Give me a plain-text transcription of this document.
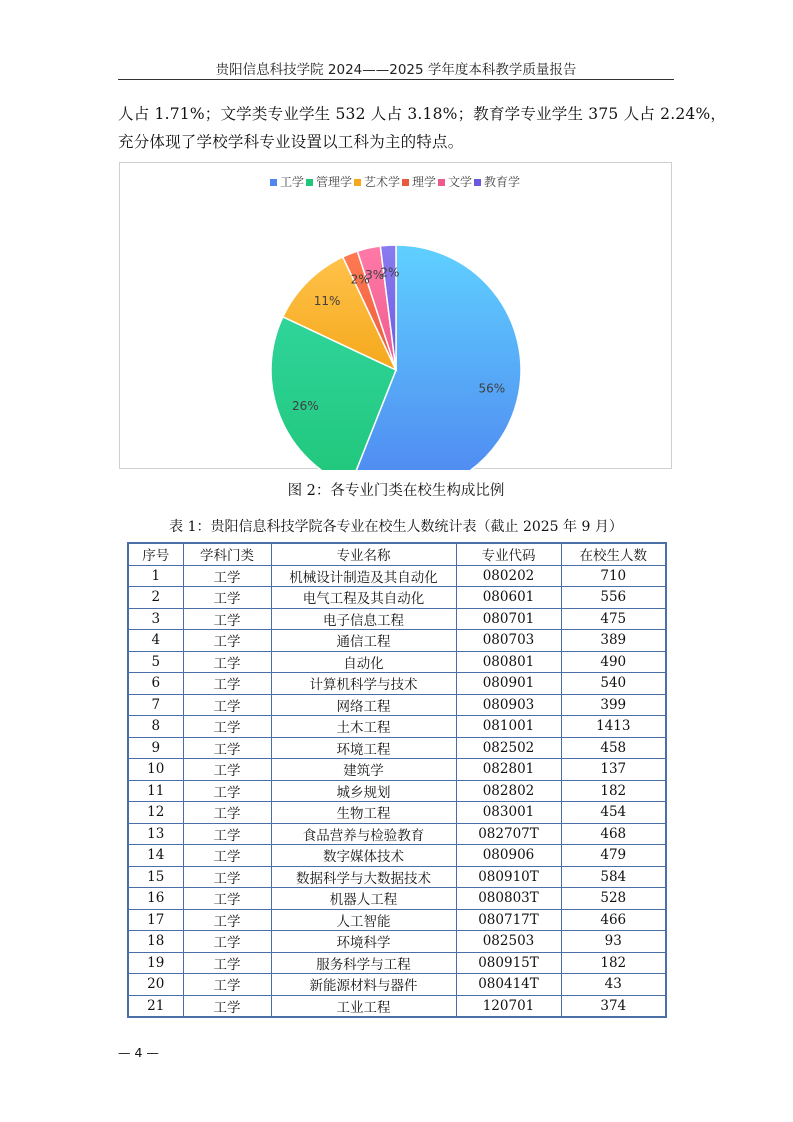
贵阳信息科技学院 2024——2025 学年度本科教学质量报告
人占 1.71%；文学类专业学生 532 人占 3.18%；教育学专业学生 375 人占 2.24%，
充分体现了学校学科专业设置以工科为主的特点。
工学 管理学 艺术学 理学 文学 教育学
56%
26%
11%
2%
3%
2%
图 2：各专业门类在校生构成比例
表 1：贵阳信息科技学院各专业在校生人数统计表（截止 2025 年 9 月）
序号	学科门类	专业名称	专业代码	在校生人数
1	工学	机械设计制造及其自动化	080202	710
2	工学	电气工程及其自动化	080601	556
3	工学	电子信息工程	080701	475
4	工学	通信工程	080703	389
5	工学	自动化	080801	490
6	工学	计算机科学与技术	080901	540
7	工学	网络工程	080903	399
8	工学	土木工程	081001	1413
9	工学	环境工程	082502	458
10	工学	建筑学	082801	137
11	工学	城乡规划	082802	182
12	工学	生物工程	083001	454
13	工学	食品营养与检验教育	082707T	468
14	工学	数字媒体技术	080906	479
15	工学	数据科学与大数据技术	080910T	584
16	工学	机器人工程	080803T	528
17	工学	人工智能	080717T	466
18	工学	环境科学	082503	93
19	工学	服务科学与工程	080915T	182
20	工学	新能源材料与器件	080414T	43
21	工学	工业工程	120701	374
— 4 —
